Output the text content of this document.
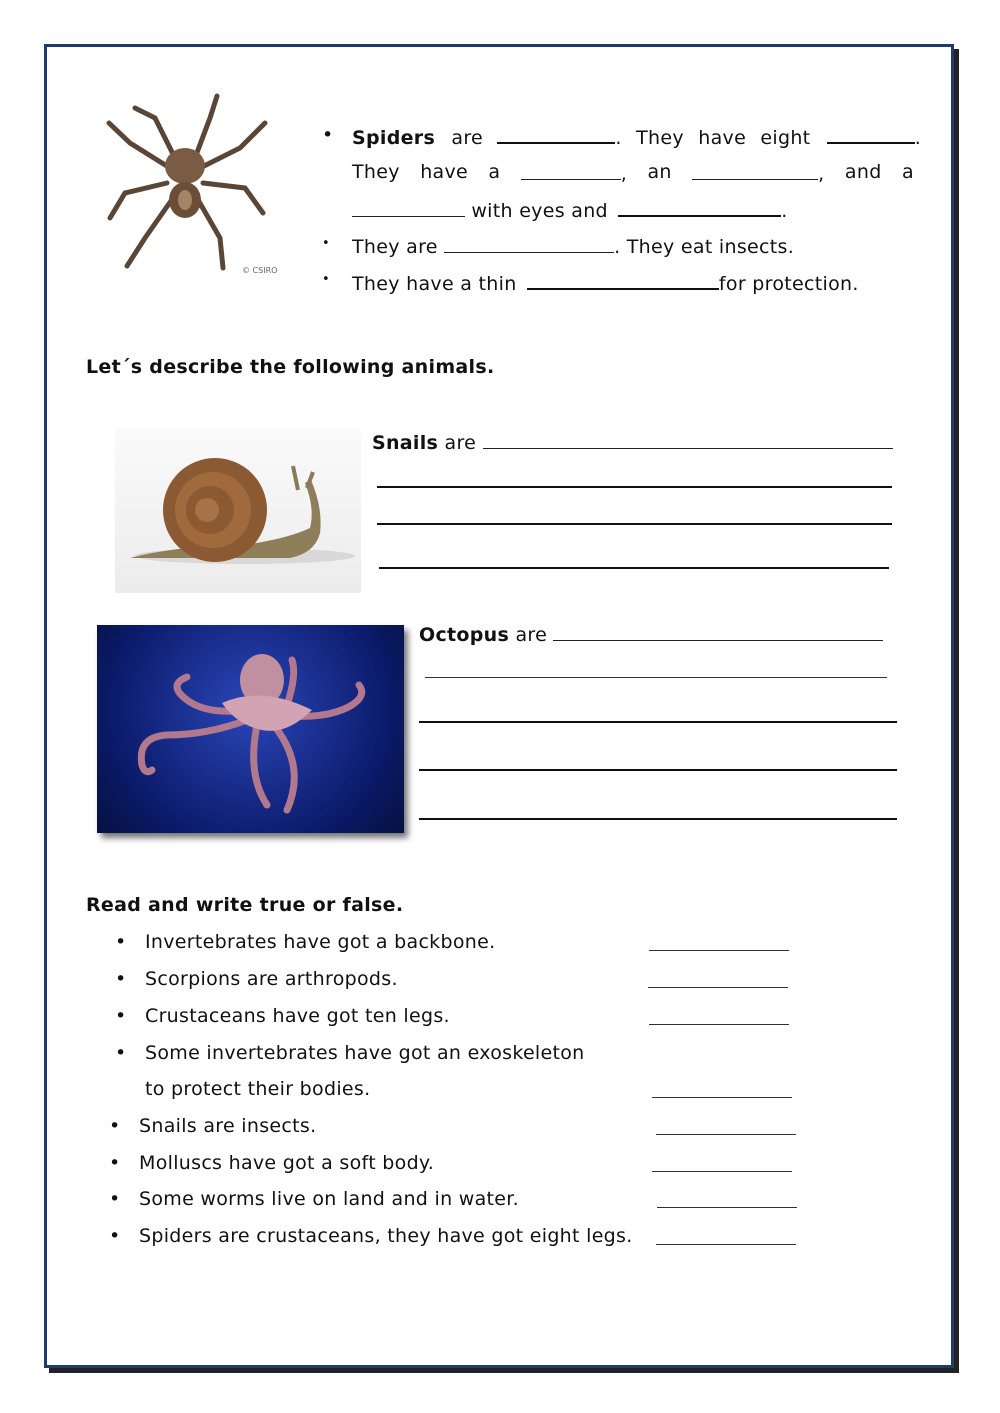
© CSIRO
• Spiders are	. They have eight	.
They have a	, an	, and a
with eyes and	.
• They are	. They eat insects.
• They have a thin	for protection.
Let´s describe the following animals.
Snails are
Octopus are
Read and write true or false.
• Invertebrates have got a backbone.
• Scorpions are arthropods.
• Crustaceans have got ten legs.
• Some invertebrates have got an exoskeleton
to protect their bodies.
• Snails are insects.
• Molluscs have got a soft body.
• Some worms live on land and in water.
• Spiders are crustaceans, they have got eight legs.
